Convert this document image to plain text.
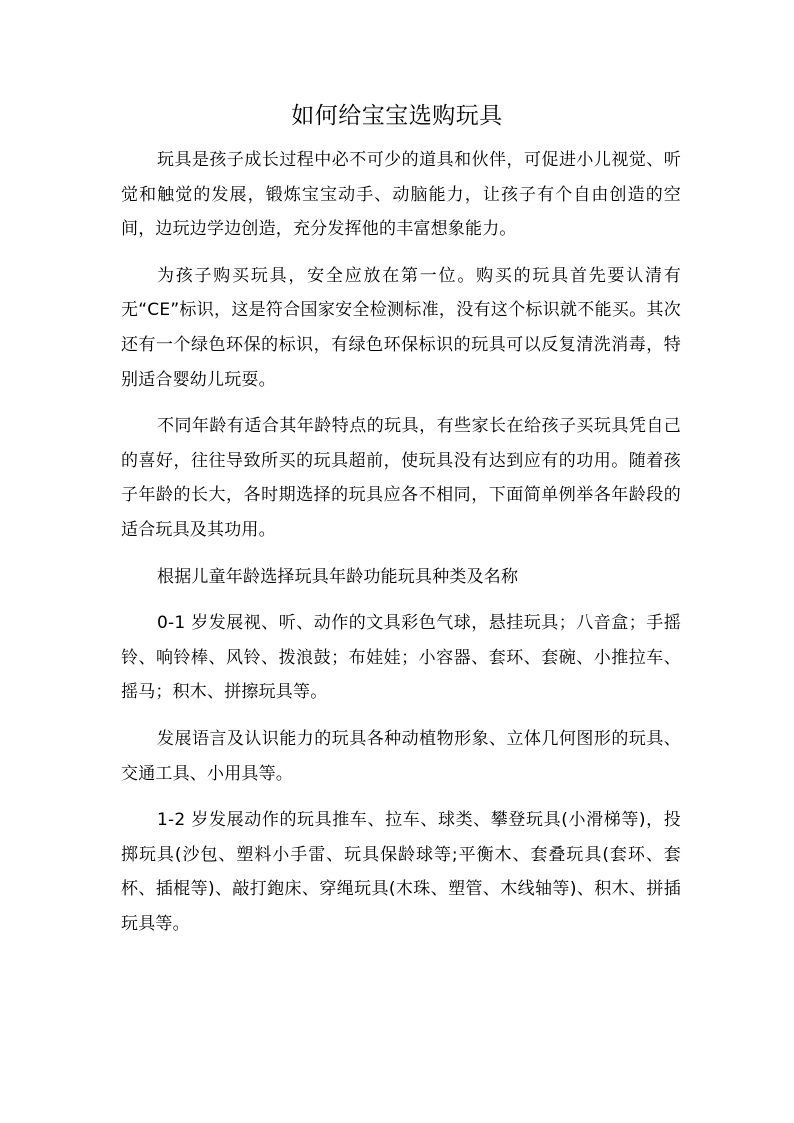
如何给宝宝选购玩具

玩具是孩子成长过程中必不可少的道具和伙伴，可促进小儿视觉、听觉和触觉的发展，锻炼宝宝动手、动脑能力，让孩子有个自由创造的空间，边玩边学边创造，充分发挥他的丰富想象能力。

为孩子购买玩具，安全应放在第一位。购买的玩具首先要认清有无“CE”标识，这是符合国家安全检测标准，没有这个标识就不能买。其次还有一个绿色环保的标识，有绿色环保标识的玩具可以反复清洗消毒，特别适合婴幼儿玩耍。

不同年龄有适合其年龄特点的玩具，有些家长在给孩子买玩具凭自己的喜好，往往导致所买的玩具超前，使玩具没有达到应有的功用。随着孩子年龄的长大，各时期选择的玩具应各不相同，下面简单例举各年龄段的适合玩具及其功用。

根据儿童年龄选择玩具年龄功能玩具种类及名称

0-1 岁发展视、听、动作的文具彩色气球，悬挂玩具；八音盒；手摇铃、响铃棒、风铃、拨浪鼓；布娃娃；小容器、套环、套碗、小推拉车、摇马；积木、拼擦玩具等。

发展语言及认识能力的玩具各种动植物形象、立体几何图形的玩具、交通工具、小用具等。

1-2 岁发展动作的玩具推车、拉车、球类、攀登玩具(小滑梯等)，投掷玩具(沙包、塑料小手雷、玩具保龄球等;平衡木、套叠玩具(套环、套杯、插棍等)、敲打鉋床、穿绳玩具(木珠、塑管、木线轴等)、积木、拼插玩具等。
